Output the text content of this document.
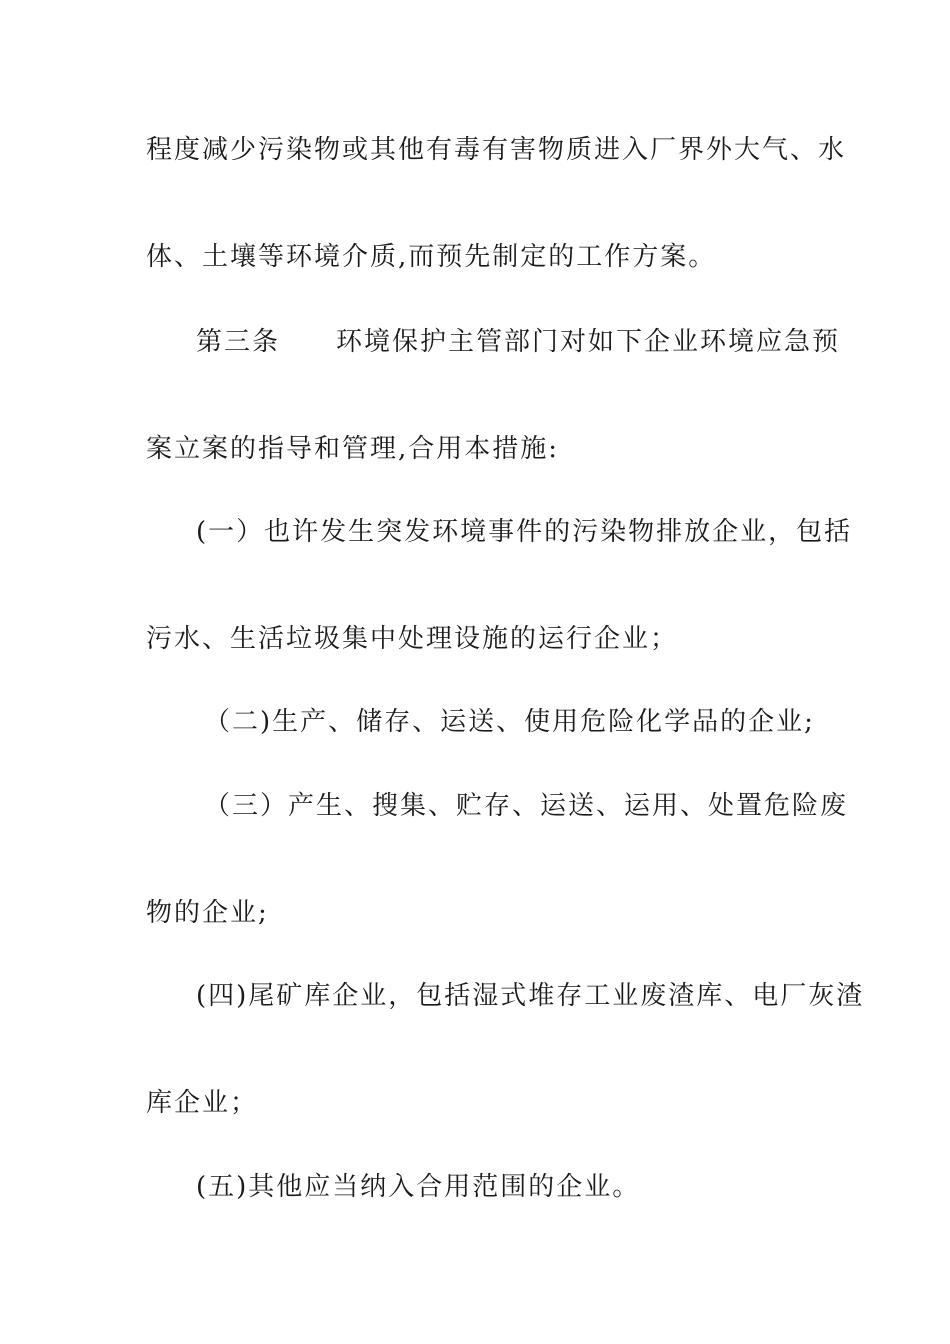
程度减少污染物或其他有毒有害物质进入厂界外大气、水
体、土壤等环境介质,而预先制定的工作方案。
第三条　　环境保护主管部门对如下企业环境应急预
案立案的指导和管理,合用本措施:
(一）也许发生突发环境事件的污染物排放企业，包括
污水、生活垃圾集中处理设施的运行企业；
（二)生产、储存、运送、使用危险化学品的企业;
（三）产生、搜集、贮存、运送、运用、处置危险废
物的企业;
(四)尾矿库企业，包括湿式堆存工业废渣库、电厂灰渣
库企业；
(五)其他应当纳入合用范围的企业。
